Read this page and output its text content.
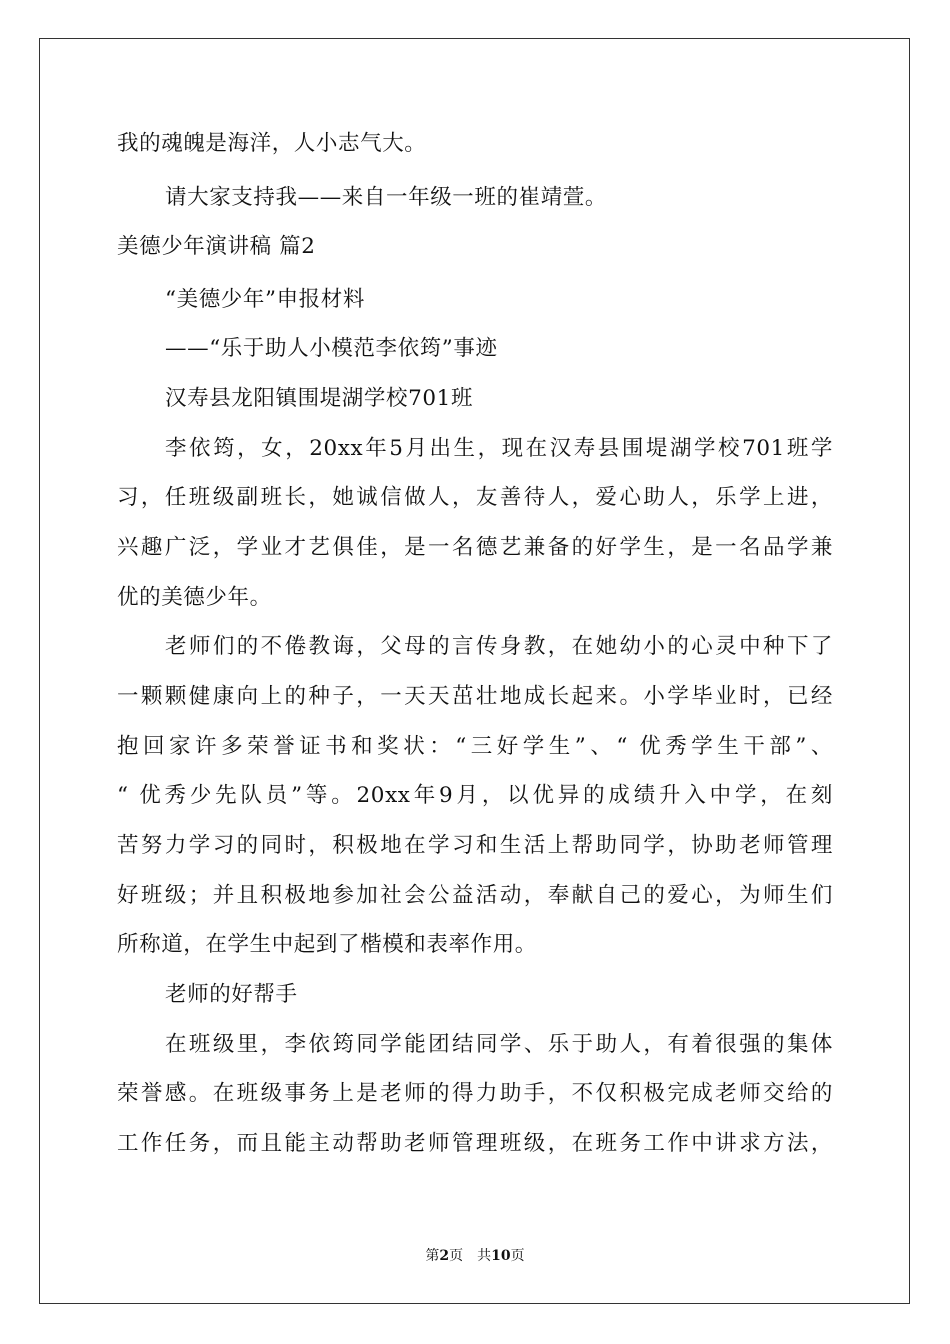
我的魂魄是海洋，人小志气大。
请大家支持我——来自一年级一班的崔靖萱。
美德少年演讲稿 篇2
“美德少年”申报材料
——“乐于助人小模范李依筠”事迹
汉寿县龙阳镇围堤湖学校701班
李依筠，女，20xx年5月出生，现在汉寿县围堤湖学校701班学
习，任班级副班长，她诚信做人，友善待人，爱心助人，乐学上进，
兴趣广泛，学业才艺俱佳，是一名德艺兼备的好学生，是一名品学兼
优的美德少年。
老师们的不倦教诲，父母的言传身教，在她幼小的心灵中种下了
一颗颗健康向上的种子，一天天茁壮地成长起来。小学毕业时，已经
抱回家许多荣誉证书和奖状：“三好学生”、“ 优秀学生干部”、
“ 优秀少先队员”等。20xx年9月，以优异的成绩升入中学，在刻
苦努力学习的同时，积极地在学习和生活上帮助同学，协助老师管理
好班级；并且积极地参加社会公益活动，奉献自己的爱心，为师生们
所称道，在学生中起到了楷模和表率作用。
老师的好帮手
在班级里，李依筠同学能团结同学、乐于助人，有着很强的集体
荣誉感。在班级事务上是老师的得力助手，不仅积极完成老师交给的
工作任务，而且能主动帮助老师管理班级，在班务工作中讲求方法，
第2页　共10页
